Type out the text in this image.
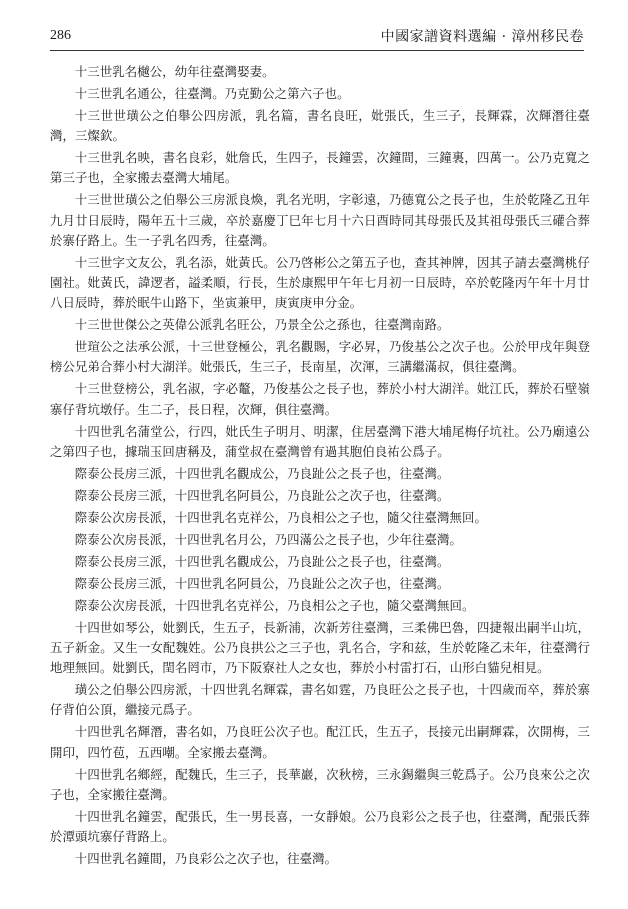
286	中國家譜資料選編 · 漳州移民卷

十三世乳名樾公，幼年往臺灣娶妻。

十三世乳名通公，往臺灣。乃克勤公之第六子也。

十三世世璜公之伯舉公四房派，乳名篇，書名良旺，妣張氏，生三子，長輝霖，次輝潛往臺灣，三燦欽。

十三世乳名映，書名良彩，妣詹氏，生四子，長鐘雲，次鐘間，三鐘裏，四萬一。公乃克寬之第三子也，全家搬去臺灣大埔尾。

十三世世璜公之伯舉公三房派良煥，乳名光明，字彰遠，乃德寬公之長子也，生於乾隆乙丑年九月廿日辰時，陽年五十三歲，卒於嘉慶丁巳年七月十六日酉時同其母張氏及其祖母張氏三礶合葬於寨仔路上。生一子乳名四秀，往臺灣。

十三世字文友公，乳名添，妣黃氏。公乃啓彬公之第五子也，查其神牌，因其子請去臺灣桃仔園社。妣黃氏，諱逻者，謚柔順，行長，生於康熙甲午年七月初一日辰時，卒於乾隆丙午年十月廿八日辰時，葬於眠牛山路下，坐寅兼甲，庚寅庚申分金。

十三世世傑公之英偉公派乳名旺公，乃景全公之孫也，往臺灣南路。

世瑄公之法承公派，十三世登極公，乳名觀賜，字必昇，乃俊基公之次子也。公於甲戌年與登榜公兄弟合葬小村大湖洋。妣張氏，生三子，長南星，次渾，三講繼滿叔，俱往臺灣。

十三世登榜公，乳名淑，字必鼇，乃俊基公之長子也，葬於小村大湖洋。妣江氏，葬於石壁嶺寨仔背坑墩仔。生二子，長日程，次輝，俱往臺灣。

十四世乳名蒲堂公，行四，妣氏生子明月、明潔，住居臺灣下港大埔尾梅仔坑社。公乃廟遠公之第四子也，據瑞玉回唐稱及，蒲堂叔在臺灣曾有過其胞伯良祐公爲子。

際泰公長房三派，十四世乳名觀成公，乃良趾公之長子也，往臺灣。

際泰公長房三派，十四世乳名阿員公，乃良趾公之次子也，往臺灣。

際泰公次房長派，十四世乳名克祥公，乃良相公之子也，隨父往臺灣無回。

際泰公次房長派，十四世乳名月公，乃四滿公之長子也，少年往臺灣。

際泰公長房三派，十四世乳名觀成公，乃良趾公之長子也，往臺灣。

際泰公長房三派，十四世乳名阿員公，乃良趾公之次子也，往臺灣。

際泰公次房長派，十四世乳名克祥公，乃良相公之子也，隨父臺灣無回。

十四世如琴公，妣劉氏，生五子，長新浦，次新芳往臺灣，三柔佛巴魯，四捷報出嗣半山坑，五子新金。又生一女配魏姓。公乃良拱公之三子也，乳名合，字和兹，生於乾隆乙未年，往臺灣行地理無回。妣劉氏，閏名罔市，乃下阪寮社人之女也，葬於小村雷打石，山形白貓兒相見。

璜公之伯舉公四房派，十四世乳名輝霖，書名如霆，乃良旺公之長子也，十四歲而卒，葬於寨仔背伯公頂，繼接元爲子。

十四世乳名輝潛，書名如，乃良旺公次子也。配江氏，生五子，長接元出嗣輝霖，次開梅，三開印，四竹苞，五西嘲。全家搬去臺灣。

十四世乳名鄉經，配魏氏，生三子，長華巖，次秋榜，三永錫繼與三乾爲子。公乃良來公之次子也，全家搬往臺灣。

十四世乳名鐘雲，配張氏，生一男長喜，一女靜娘。公乃良彩公之長子也，往臺灣，配張氏葬於潭頭坑寨仔背路上。

十四世乳名鐘間，乃良彩公之次子也，往臺灣。
